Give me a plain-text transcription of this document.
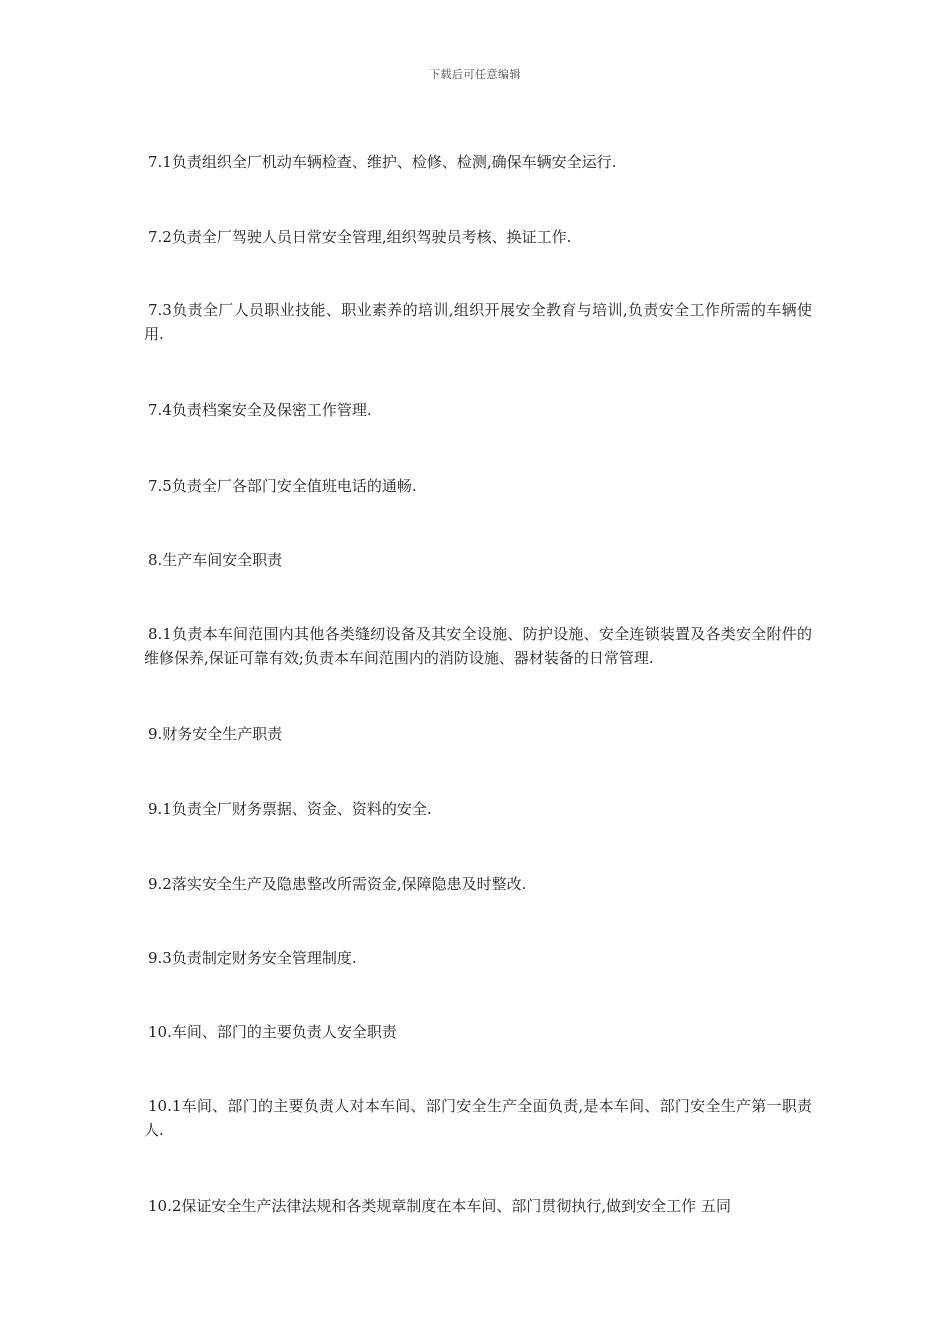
下载后可任意编辑

7.1负责组织全厂机动车辆检查、维护、检修、检测,确保车辆安全运行.

7.2负责全厂驾驶人员日常安全管理,组织驾驶员考核、换证工作.

7.3负责全厂人员职业技能、职业素养的培训,组织开展安全教育与培训,负责安全工作所需的车辆使用.

7.4负责档案安全及保密工作管理.

7.5负责全厂各部门安全值班电话的通畅.

8.生产车间安全职责

8.1负责本车间范围内其他各类缝纫设备及其安全设施、防护设施、安全连锁装置及各类安全附件的维修保养,保证可靠有效;负责本车间范围内的消防设施、器材装备的日常管理.

9.财务安全生产职责

9.1负责全厂财务票据、资金、资料的安全.

9.2落实安全生产及隐患整改所需资金,保障隐患及时整改.

9.3负责制定财务安全管理制度.

10.车间、部门的主要负责人安全职责

10.1车间、部门的主要负责人对本车间、部门安全生产全面负责,是本车间、部门安全生产第一职责人.

10.2保证安全生产法律法规和各类规章制度在本车间、部门贯彻执行,做到安全工作 五同
